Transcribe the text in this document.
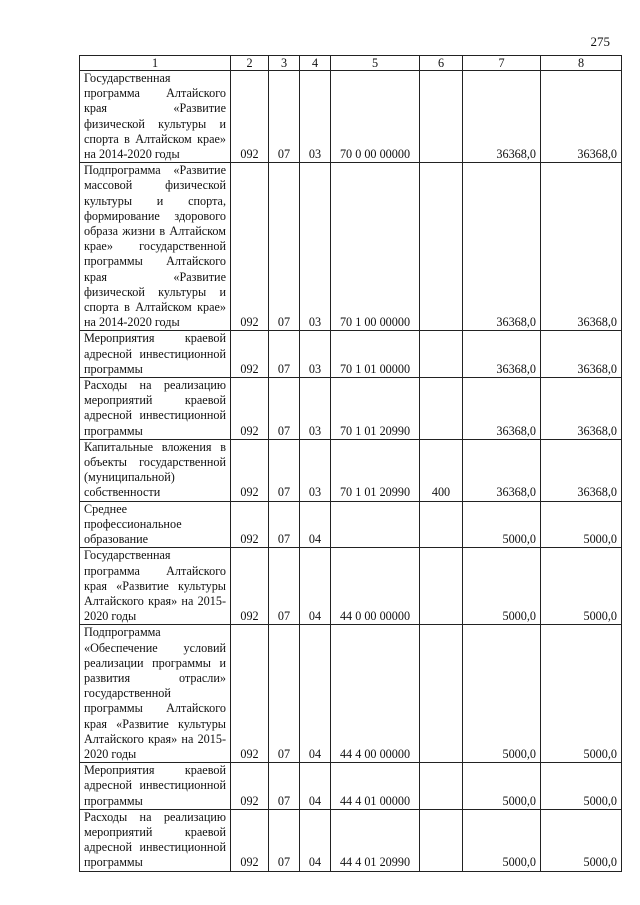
275
1	2	3	4	5	6	7	8
Государственная программа Алтайского края «Развитие физической культуры и спорта в Алтайском крае» на 2014-2020 годы	092	07	03	70 0 00 00000		36368,0	36368,0
Подпрограмма «Развитие массовой физической культуры и спорта, формирование здорового образа жизни в Алтайском крае» государственной программы Алтайского края «Развитие физической культуры и спорта в Алтайском крае» на 2014-2020 годы	092	07	03	70 1 00 00000		36368,0	36368,0
Мероприятия краевой адресной инвестиционной программы	092	07	03	70 1 01 00000		36368,0	36368,0
Расходы на реализацию мероприятий краевой адресной инвестиционной программы	092	07	03	70 1 01 20990		36368,0	36368,0
Капитальные вложения в объекты государственной (муниципальной) собственности	092	07	03	70 1 01 20990	400	36368,0	36368,0
Среднее профессиональное образование	092	07	04			5000,0	5000,0
Государственная программа Алтайского края «Развитие культуры Алтайского края» на 2015-2020 годы	092	07	04	44 0 00 00000		5000,0	5000,0
Подпрограмма «Обеспечение условий реализации программы и развития отрасли» государственной программы Алтайского края «Развитие культуры Алтайского края» на 2015-2020 годы	092	07	04	44 4 00 00000		5000,0	5000,0
Мероприятия краевой адресной инвестиционной программы	092	07	04	44 4 01 00000		5000,0	5000,0
Расходы на реализацию мероприятий краевой адресной инвестиционной программы	092	07	04	44 4 01 20990		5000,0	5000,0
